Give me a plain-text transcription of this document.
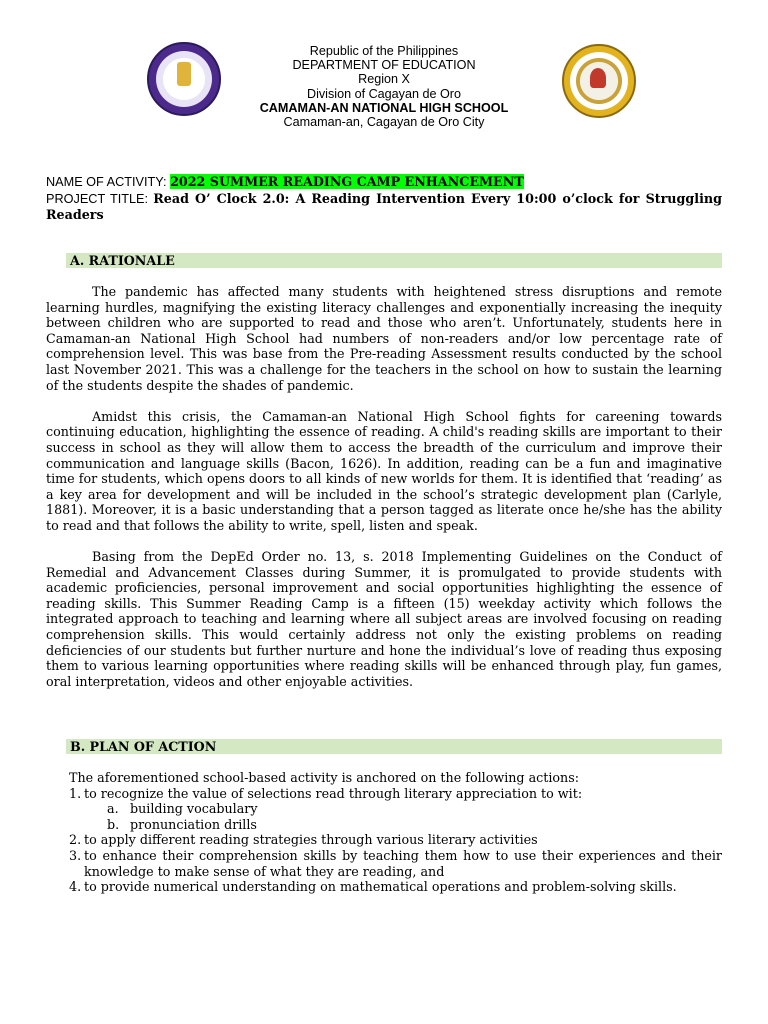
Republic of the Philippines
DEPARTMENT OF EDUCATION
Region X
Division of Cagayan de Oro
CAMAMAN-AN NATIONAL HIGH SCHOOL
Camaman-an, Cagayan de Oro City
NAME OF ACTIVITY: 2022 SUMMER READING CAMP ENHANCEMENT
PROJECT TITLE: Read O’ Clock 2.0: A Reading Intervention Every 10:00 o’clock for Struggling Readers
A. RATIONALE

The pandemic has affected many students with heightened stress disruptions and remote learning hurdles, magnifying the existing literacy challenges and exponentially increasing the inequity between children who are supported to read and those who aren’t. Unfortunately, students here in Camaman-an National High School had numbers of non-readers and/or low percentage rate of comprehension level. This was base from the Pre-reading Assessment results conducted by the school last November 2021. This was a challenge for the teachers in the school on how to sustain the learning of the students despite the shades of pandemic.

Amidst this crisis, the Camaman-an National High School fights for careening towards continuing education, highlighting the essence of reading. A child's reading skills are important to their success in school as they will allow them to access the breadth of the curriculum and improve their communication and language skills (Bacon, 1626). In addition, reading can be a fun and imaginative time for students, which opens doors to all kinds of new worlds for them. It is identified that ‘reading’ as a key area for development and will be included in the school’s strategic development plan (Carlyle, 1881). Moreover, it is a basic understanding that a person tagged as literate once he/she has the ability to read and that follows the ability to write, spell, listen and speak.

Basing from the DepEd Order no. 13, s. 2018 Implementing Guidelines on the Conduct of Remedial and Advancement Classes during Summer, it is promulgated to provide students with academic proficiencies, personal improvement and social opportunities highlighting the essence of reading skills. This Summer Reading Camp is a fifteen (15) weekday activity which follows the integrated approach to teaching and learning where all subject areas are involved focusing on reading comprehension skills. This would certainly address not only the existing problems on reading deficiencies of our students but further nurture and hone the individual’s love of reading thus exposing them to various learning opportunities where reading skills will be enhanced through play, fun games, oral interpretation, videos and other enjoyable activities.

B. PLAN OF ACTION

The aforementioned school-based activity is anchored on the following actions:

1. to recognize the value of selections read through literary appreciation to wit:
a. building vocabulary
b. pronunciation drills
2. to apply different reading strategies through various literary activities
3. to enhance their comprehension skills by teaching them how to use their experiences and their knowledge to make sense of what they are reading, and
4. to provide numerical understanding on mathematical operations and problem-solving skills.
